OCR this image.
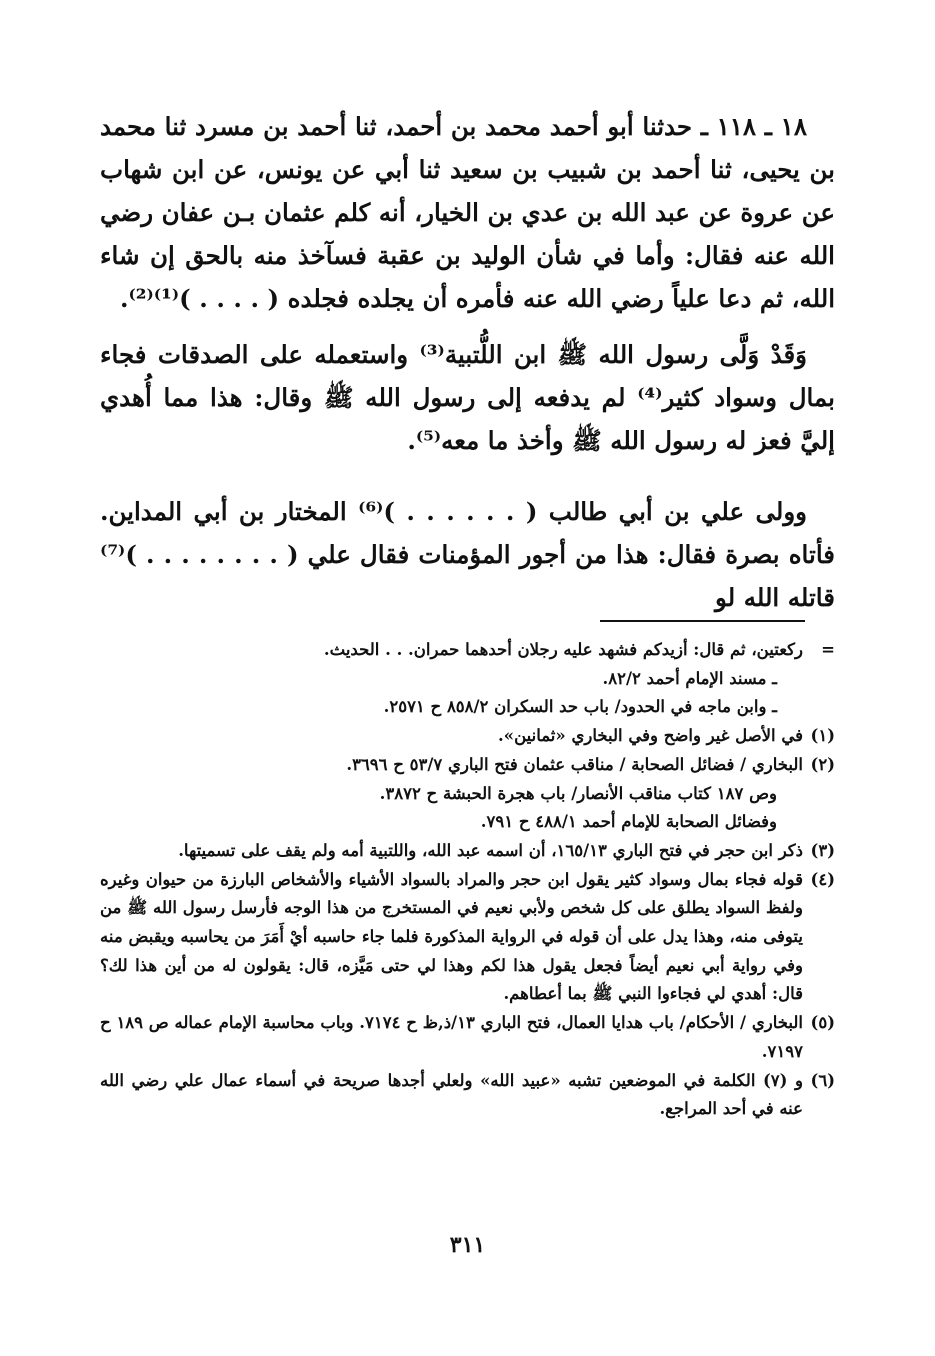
١٨ ـ ١١٨ ـ حدثنا أبو أحمد محمد بن أحمد، ثنا أحمد بن مسرد ثنا محمد بن يحيى، ثنا أحمد بن شبيب بن سعيد ثنا أبي عن يونس، عن ابن شهاب عن عروة عن عبد الله بن عدي بن الخيار، أنه كلم عثمان بـن عفان رضي الله عنه فقال: وأما في شأن الوليد بن عقبة فسآخذ منه بالحق إن شاء الله، ثم دعا علياً رضي الله عنه فأمره أن يجلده فجلده ( . . . . )⁽¹⁾⁽²⁾.

وَقَدْ وَلَّى رسول الله ﷺ ابن اللُّتبية⁽³⁾ واستعمله على الصدقات فجاء بمال وسواد كثير⁽⁴⁾ لم يدفعه إلى رسول الله ﷺ وقال: هذا مما أُهدي إليَّ فعز له رسول الله ﷺ وأخذ ما معه⁽⁵⁾.

وولى علي بن أبي طالب ( . . . . . . )⁽⁶⁾ المختار بن أبي المداين. فأتاه بصرة فقال: هذا من أجور المؤمنات فقال علي ( . . . . . . . . )⁽⁷⁾ قاتله الله لو

=
ركعتين، ثم قال: أزيدكم فشهد عليه رجلان أحدهما حمران. . . الحديث.

ـ مسند الإمام أحمد ٨٢/٢.

ـ وابن ماجه في الحدود/ باب حد السكران ٨٥٨/٢ ح ٢٥٧١.

(١)
في الأصل غير واضح وفي البخاري «ثمانين».

(٢)
البخاري / فضائل الصحابة / مناقب عثمان فتح الباري ٥٣/٧ ح ٣٦٩٦.

وص ١٨٧ كتاب مناقب الأنصار/ باب هجرة الحبشة ح ٣٨٧٢.

وفضائل الصحابة للإمام أحمد ٤٨٨/١ ح ٧٩١.

(٣)
ذكر ابن حجر في فتح الباري ١٦٥/١٣، أن اسمه عبد الله، واللتبية أمه ولم يقف على تسميتها.

(٤)
قوله فجاء بمال وسواد كثير يقول ابن حجر والمراد بالسواد الأشياء والأشخاص البارزة من حيوان وغيره ولفظ السواد يطلق على كل شخص ولأبي نعيم في المستخرج من هذا الوجه فأرسل رسول الله ﷺ من يتوفى منه، وهذا يدل على أن قوله في الرواية المذكورة فلما جاء حاسبه أيْ أَمَرَ من يحاسبه ويقبض منه وفي رواية أبي نعيم أيضاً فجعل يقول هذا لكم وهذا لي حتى مَيَّزه، قال: يقولون له من أين هذا لك؟ قال: أهدي لي فجاءوا النبي ﷺ بما أعطاهم.

(٥)
البخاري / الأحكام/ باب هدايا العمال، فتح الباري ١٣/ذ,ظ ح ٧١٧٤. وباب محاسبة الإمام عماله ص ١٨٩ ح ٧١٩٧.

(٦)
و (٧) الكلمة في الموضعين تشبه «عبيد الله» ولعلي أجدها صريحة في أسماء عمال علي رضي الله عنه في أحد المراجع.

٣١١
